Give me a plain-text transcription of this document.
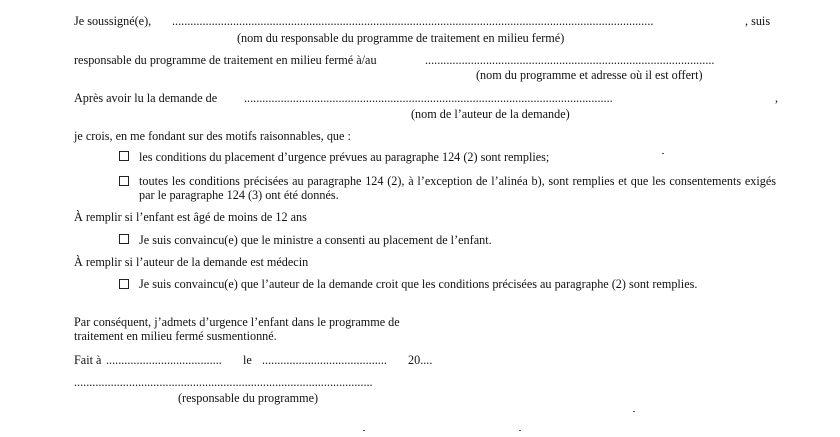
Je soussigné(e), ..............................................................................................................................................................	, suis
(nom du responsable du programme de traitement en milieu fermé)
responsable du programme de traitement en milieu fermé à/au	...............................................................................................
(nom du programme et adresse où il est offert)
Après avoir lu la demande de .........................................................................................................................	,
(nom de l’auteur de la demande)
je crois, en me fondant sur des motifs raisonnables, que :
les conditions du placement d’urgence prévues au paragraphe 124 (2) sont remplies;
toutes les conditions précisées au paragraphe 124 (2), à l’exception de l’alinéa b), sont remplies et que les consentements exigés par le paragraphe 124 (3) ont été donnés.
À remplir si l’enfant est âgé de moins de 12 ans
Je suis convaincu(e) que le ministre a consenti au placement de l’enfant.
À remplir si l’auteur de la demande est médecin
Je suis convaincu(e) que l’auteur de la demande croit que les conditions précisées au paragraphe (2) sont remplies.
Par conséquent, j’admets d’urgence l’enfant dans le programme de
traitement en milieu fermé susmentionné.
Fait à ......................................	le .........................................	20....
..................................................................................................
(responsable du programme)
